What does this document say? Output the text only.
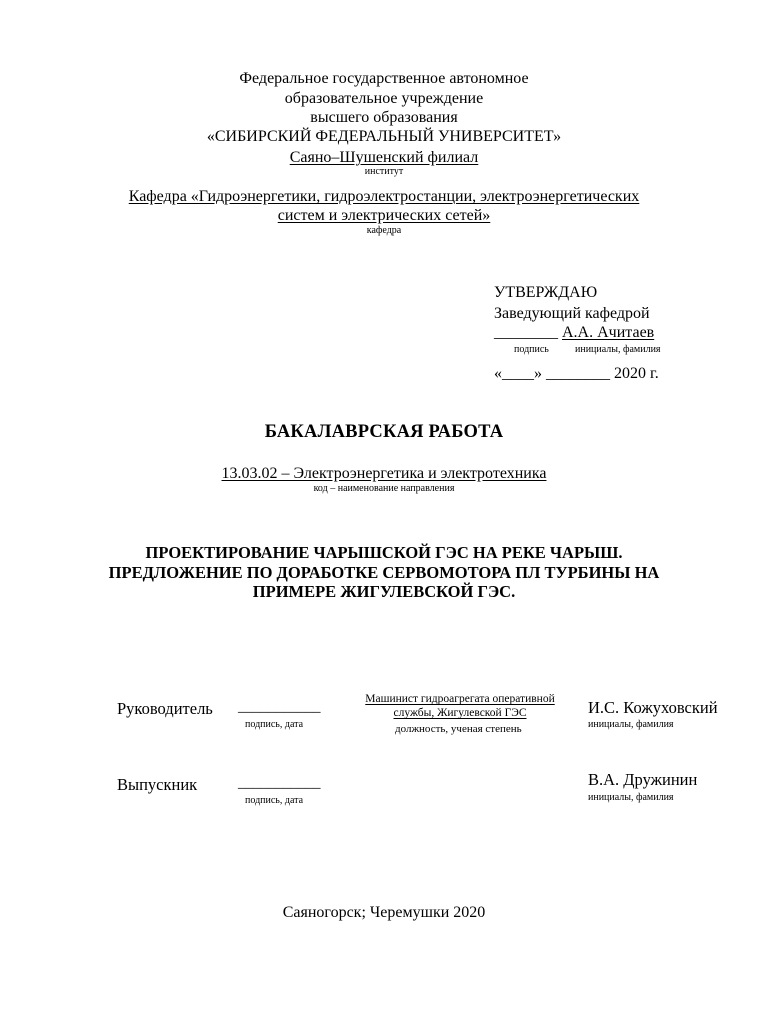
Федеральное государственное автономное
образовательное учреждение
высшего образования
«СИБИРСКИЙ ФЕДЕРАЛЬНЫЙ УНИВЕРСИТЕТ»
Саяно–Шушенский филиал
институт
Кафедра «Гидроэнергетики, гидроэлектростанции, электроэнергетических
систем и электрических сетей»
кафедра
УТВЕРЖДАЮ
Заведующий кафедрой
________ А.А. Ачитаев
подпись	инициалы, фамилия
«____» ________ 2020 г.
БАКАЛАВРСКАЯ РАБОТА
13.03.02 – Электроэнергетика и электротехника
код – наименование направления
ПРОЕКТИРОВАНИЕ ЧАРЫШСКОЙ ГЭС НА РЕКЕ ЧАРЫШ.
ПРЕДЛОЖЕНИЕ ПО ДОРАБОТКЕ СЕРВОМОТОРА ПЛ ТУРБИНЫ НА
ПРИМЕРЕ ЖИГУЛЕВСКОЙ ГЭС.
Руководитель ___________
подпись, дата
Машинист гидроагрегата оперативной
службы, Жигулевской ГЭС
должность, ученая степень
И.С. Кожуховский
инициалы, фамилия
Выпускник	___________
подпись, дата
В.А. Дружинин
инициалы, фамилия
Саяногорск; Черемушки 2020
